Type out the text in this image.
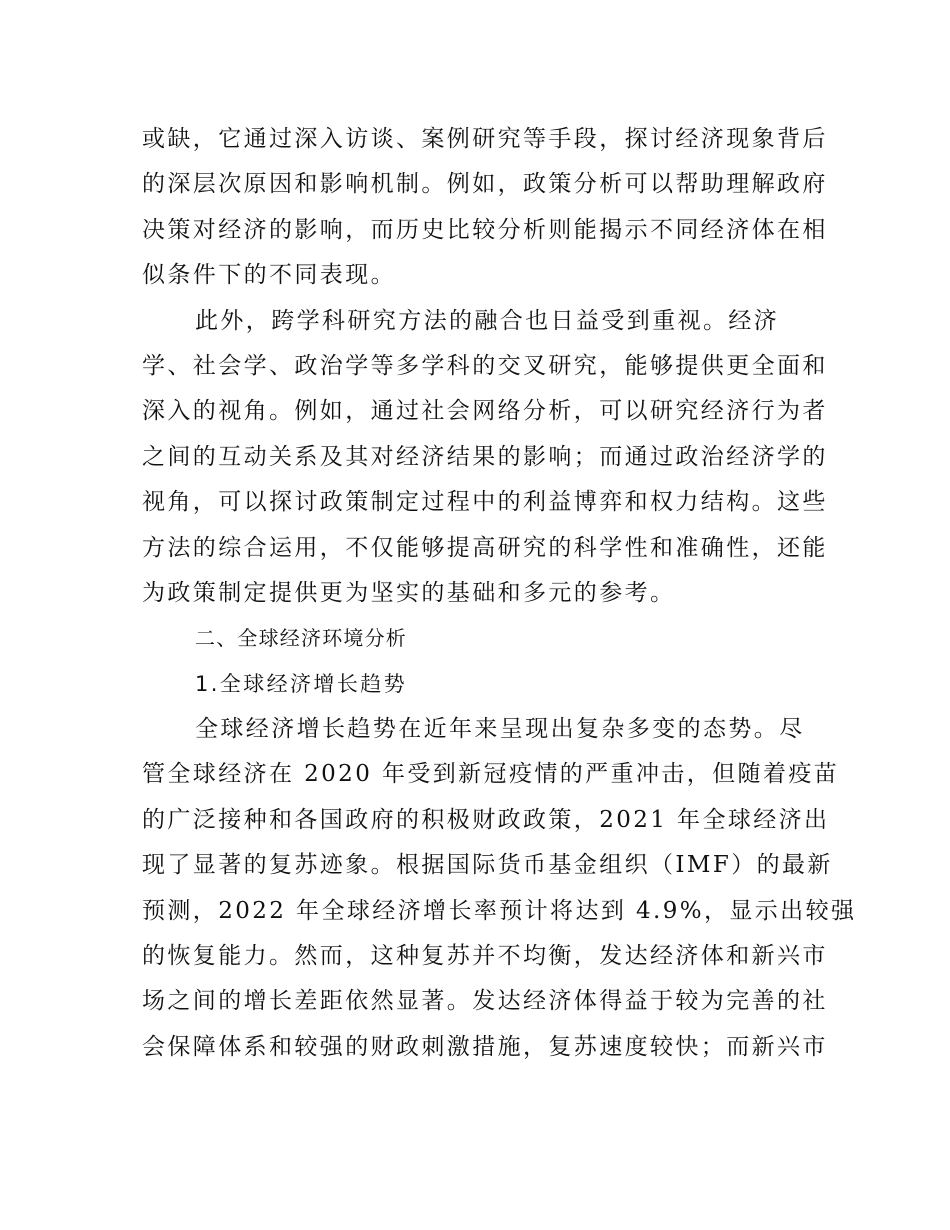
或缺，它通过深入访谈、案例研究等手段，探讨经济现象背后
的深层次原因和影响机制。例如，政策分析可以帮助理解政府
决策对经济的影响，而历史比较分析则能揭示不同经济体在相
似条件下的不同表现。
此外，跨学科研究方法的融合也日益受到重视。经济
学、社会学、政治学等多学科的交叉研究，能够提供更全面和
深入的视角。例如，通过社会网络分析，可以研究经济行为者
之间的互动关系及其对经济结果的影响；而通过政治经济学的
视角，可以探讨政策制定过程中的利益博弈和权力结构。这些
方法的综合运用，不仅能够提高研究的科学性和准确性，还能
为政策制定提供更为坚实的基础和多元的参考。
二、全球经济环境分析
1.全球经济增长趋势
全球经济增长趋势在近年来呈现出复杂多变的态势。尽
管全球经济在 2020 年受到新冠疫情的严重冲击，但随着疫苗
的广泛接种和各国政府的积极财政政策，2021 年全球经济出
现了显著的复苏迹象。根据国际货币基金组织（IMF）的最新
预测，2022 年全球经济增长率预计将达到 4.9%，显示出较强
的恢复能力。然而，这种复苏并不均衡，发达经济体和新兴市
场之间的增长差距依然显著。发达经济体得益于较为完善的社
会保障体系和较强的财政刺激措施，复苏速度较快；而新兴市
